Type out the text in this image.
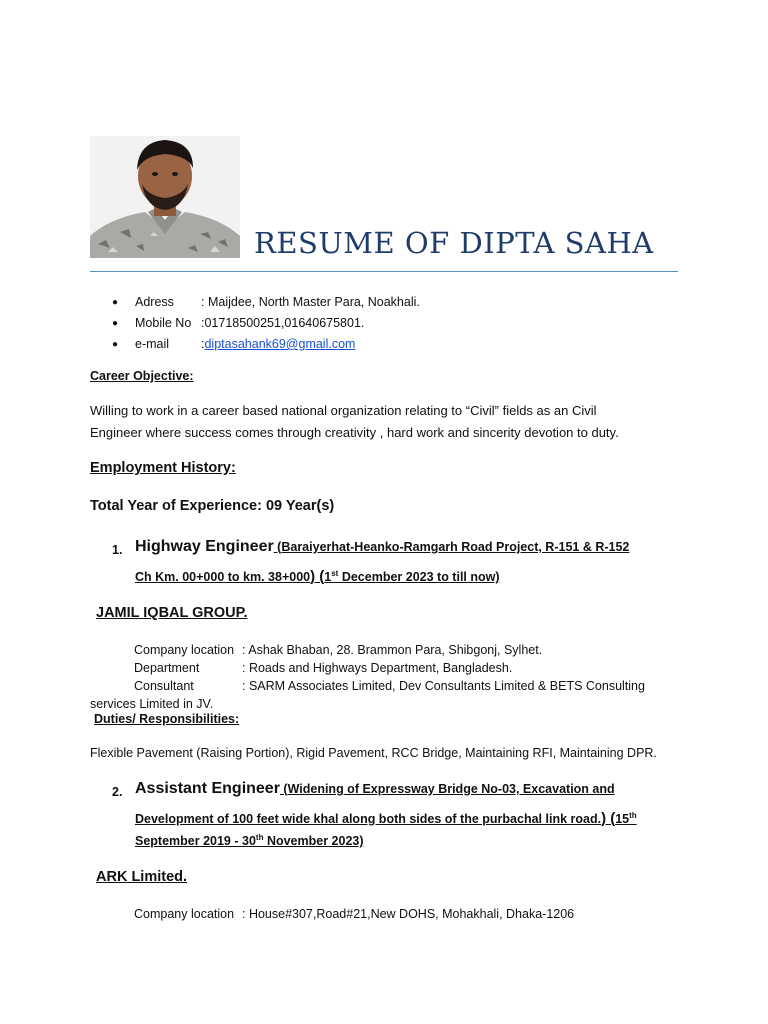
RESUME OF DIPTA SAHA
●	Adress	:
Maijdee, North Master Para, Noakhali.
●	Mobile No : 01718500251,01640675801.
●	e-mail	: diptasahank69@gmail.com
Career Objective:
Willing to work in a career based national organization relating to “Civil” fields as an Civil
Engineer where success comes through creativity , hard work and sincerity devotion to duty.
Employment History:
Total Year of Experience: 09 Year(s)
1. Highway Engineer (Baraiyerhat-Heanko-Ramgarh Road Project, R-151 & R-152
Ch Km. 00+000 to km. 38+000) (1st December 2023 to till now)
JAMIL IQBAL GROUP.
Company location : Ashak Bhaban, 28. Brammon Para, Shibgonj, Sylhet.
Department	: Roads and Highways Department, Bangladesh.
Consultant	: SARM Associates Limited, Dev Consultants Limited & BETS Consulting
services Limited in JV.
Duties/ Responsibilities:
Flexible Pavement (Raising Portion), Rigid Pavement, RCC Bridge, Maintaining RFI, Maintaining DPR.
2. Assistant Engineer (Widening of Expressway Bridge No-03, Excavation and
Development of 100 feet wide khal along both sides of the purbachal link road.) (15th
September 2019 - 30th November 2023)
ARK Limited.
Company location : House#307,Road#21,New DOHS, Mohakhali, Dhaka-1206
